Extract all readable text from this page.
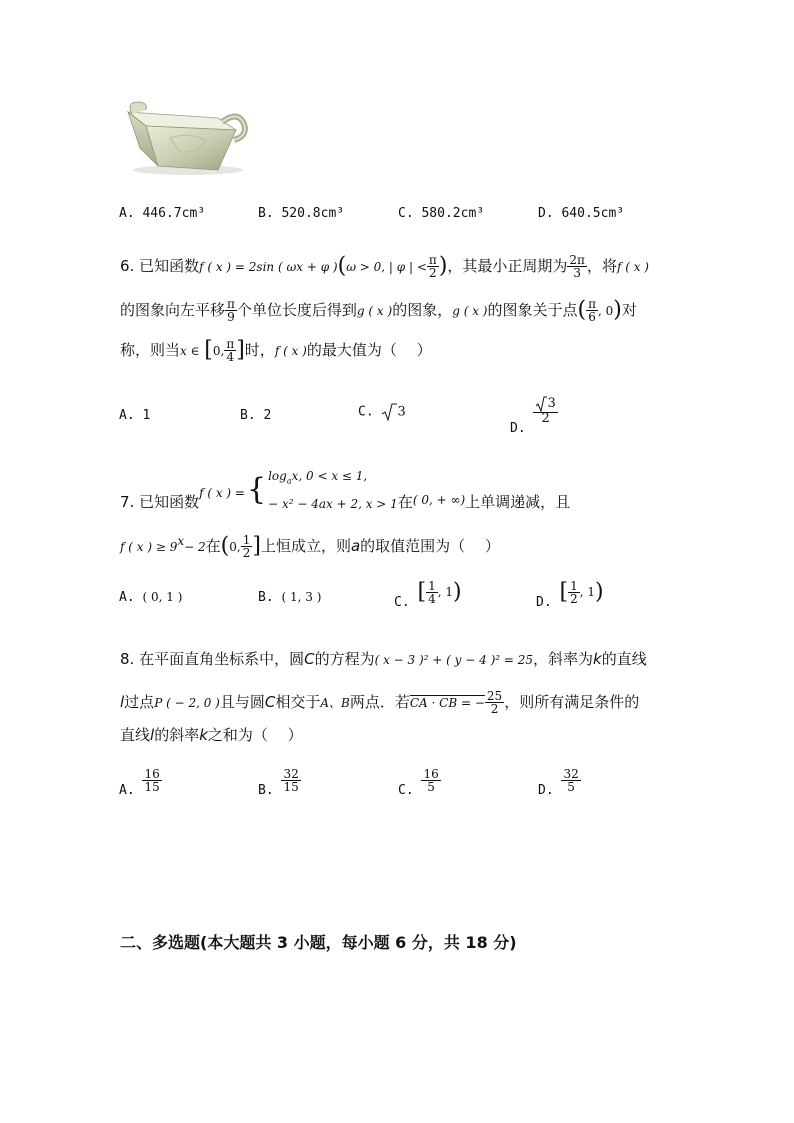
A. 446.7cm³	B. 520.8cm³	C. 580.2cm³	D. 640.5cm³
6. 已知函数f ( x ) = 2sin ( ωx + φ )(ω > 0, | φ | < $\frac{\pi}{2}$ )，其最小正周期为 $\frac{2\pi}{3}$ ，将f ( x )
的图象向左平移 $\frac{\pi}{9}$ 个单位长度后得到g ( x )的图象，g ( x )的图象关于点( $\frac{\pi}{6}$ , 0)对
称，则当x ∈ [0, $\frac{\pi}{4}$ ]时，f ( x )的最大值为（　 ）
A. 1	B. 2	C. 3
D.
$\frac{3}{2}$
7. 已知函数 f ( x ) = { $\log_ax$, 0 < x ≤ 1,
− x² − 4ax + 2, x > 1 在 ( 0, + ∞) 上单调递减，且
f ( x ) ≥ $9^x- 2$在(0, $\frac{1}{2}$ ]上恒成立，则a的取值范围为（　 ）
A. ( 0, 1 )	B. ( 1, 3 )	C. [ $\frac{1}{4}$ , 1)	D. [ $\frac{1}{2}$ , 1)
8. 在平面直角坐标系中，圆C的方程为( x − 3 )² + ( y − 4 )² = 25，斜率为k的直线
l过点P ( − 2, 0 )且与圆C相交于A、B两点．若CA · CB = − $\frac{25}{2}$ ，则所有满足条件的
直线l的斜率k之和为（　 ）
A. $\frac{16}{15}$	B. $\frac{32}{15}$	C. $\frac{16}{5}$	D. $\frac{32}{5}$
二、多选题(本大题共 3 小题，每小题 6 分，共 18 分)
